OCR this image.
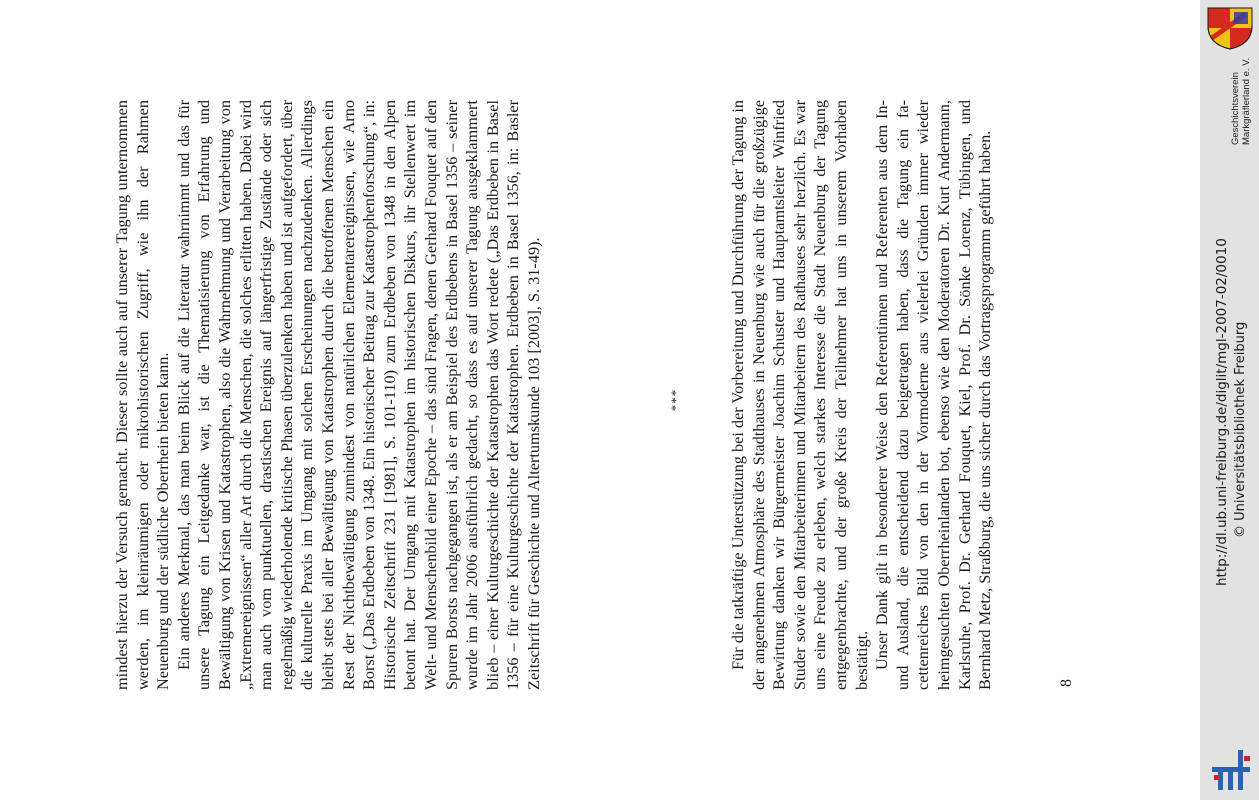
mindest hierzu der Versuch gemacht. Dieser sollte auch auf unserer Tagung unternommen werden, im kleinräumigen oder mikrohistorischen Zugriff, wie ihn der Rahmen Neuenburg und der südliche Oberrhein bieten kann. Ein anderes Merkmal, das man beim Blick auf die Literatur wahrnimmt und das für unsere Tagung ein Leitgedanke war, ist die Thematisierung von Erfahrung und Bewältigung von Krisen und Katastrophen, also die Wahrnehmung und Verarbeitung von „Extremereignissen“ aller Art durch die Menschen, die solches erlitten haben. Dabei wird man auch vom punktuellen, drastischen Ereignis auf längerfristige Zustände oder sich regelmäßig wiederholende kritische Phasen überzulenken haben und ist aufgefordert, über die kulturelle Praxis im Umgang mit solchen Erscheinungen nachzudenken. Allerdings bleibt stets bei aller Bewältigung von Katastrophen durch die betroffenen Menschen ein Rest der Nichtbewältigung zumindest von natürlichen Elementarereignissen, wie Arno Borst („Das Erdbeben von 1348. Ein historischer Beitrag zur Katastrophenforschung“, in: Historische Zeitschrift 231 [1981], S. 101-110) zum Erdbeben von 1348 in den Alpen betont hat. Der Umgang mit Katastrophen im historischen Diskurs, ihr Stellenwert im Welt- und Menschenbild einer Epoche – das sind Fragen, denen Gerhard Fouquet auf den Spuren Borsts nachgegangen ist, als er am Beispiel des Erdbebens in Basel 1356 – seiner wurde im Jahr 2006 ausführlich gedacht, so dass es auf unserer Tagung ausgeklammert blieb – einer Kulturgeschichte der Katastrophen das Wort redete („Das Erdbeben in Basel 1356 – für eine Kulturgeschichte der Katastrophen. Erdbeben in Basel 1356, in: Basler Zeitschrift für Geschichte und Altertumskunde 103 [2003], S. 31-49).	***	Für die tatkräftige Unterstützung bei der Vorbereitung und Durchführung der Tagung in der angenehmen Atmosphäre des Stadthauses in Neuenburg wie auch für die großzügige Bewirtung danken wir Bürgermeister Joachim Schuster und Hauptamtsleiter Winfried Studer sowie den Mitarbeiterinnen und Mitarbeitern des Rathauses sehr herzlich. Es war uns eine Freude zu erleben, welch starkes Interesse die Stadt Neuenburg der Tagung entgegenbrachte, und der große Kreis der Teilnehmer hat uns in unserem Vorhaben bestätigt. Unser Dank gilt in besonderer Weise den Referentinnen und Referenten aus dem In- und Ausland, die entscheidend dazu beigetragen haben, dass die Tagung ein facettenreiches Bild von den in der Vormoderne aus vielerlei Gründen immer wieder heimgesuchten Oberrheinlanden bot, ebenso wie den Moderatoren Dr. Kurt Andermann, Karlsruhe, Prof. Dr. Gerhard Fouquet, Kiel, Prof. Dr. Sönke Lorenz, Tübingen, und Bernhard Metz, Straßburg, die uns sicher durch das Vortragsprogramm geführt haben.	8
http://dl.ub.uni-freiburg.de/diglit/mgl-2007-02/0010 © Universitätsbibliothek Freiburg
Geschichtsverein Markgräflerland e. V.
